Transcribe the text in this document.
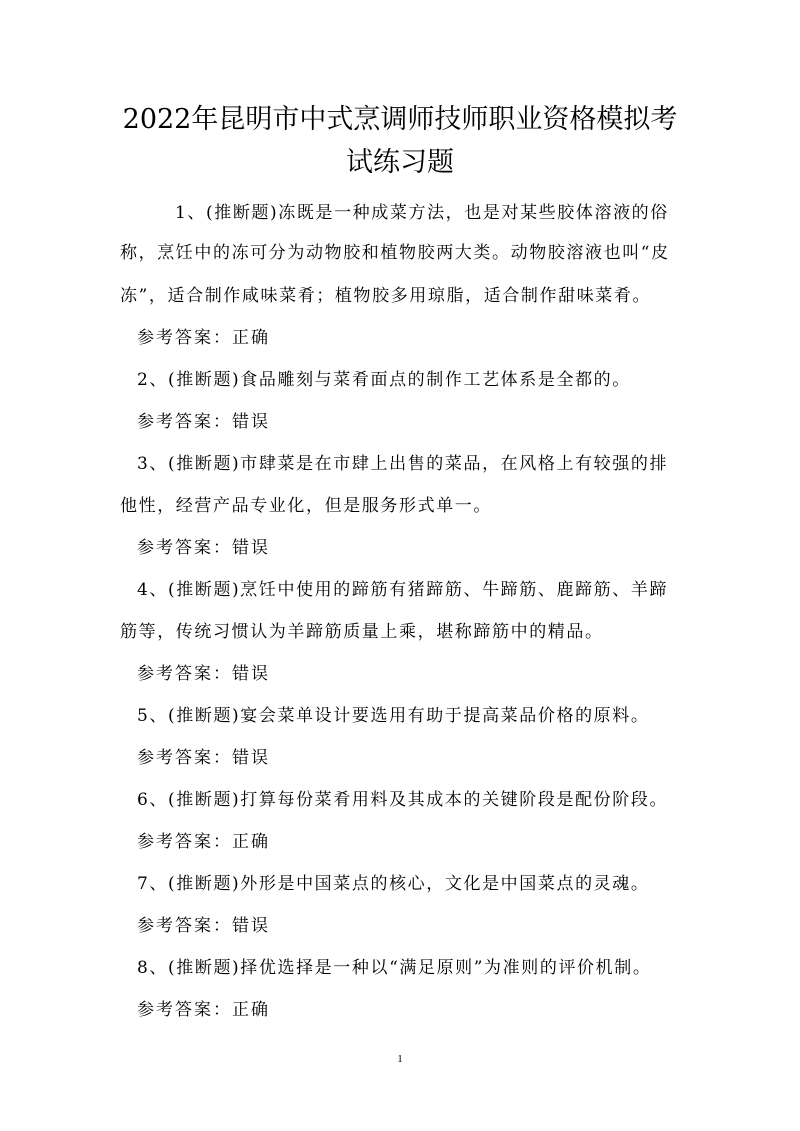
2022年昆明市中式烹调师技师职业资格模拟考
试练习题
1、(推断题)冻既是一种成菜方法，也是对某些胶体溶液的俗
称，烹饪中的冻可分为动物胶和植物胶两大类。动物胶溶液也叫“皮
冻”，适合制作咸味菜肴；植物胶多用琼脂，适合制作甜味菜肴。
参考答案：正确
2、(推断题)食品雕刻与菜肴面点的制作工艺体系是全都的。
参考答案：错误
3、(推断题)市肆菜是在市肆上出售的菜品，在风格上有较强的排
他性，经营产品专业化，但是服务形式单一。
参考答案：错误
4、(推断题)烹饪中使用的蹄筋有猪蹄筋、牛蹄筋、鹿蹄筋、羊蹄
筋等，传统习惯认为羊蹄筋质量上乘，堪称蹄筋中的精品。
参考答案：错误
5、(推断题)宴会菜单设计要选用有助于提高菜品价格的原料。
参考答案：错误
6、(推断题)打算每份菜肴用料及其成本的关键阶段是配份阶段。
参考答案：正确
7、(推断题)外形是中国菜点的核心，文化是中国菜点的灵魂。
参考答案：错误
8、(推断题)择优选择是一种以“满足原则”为准则的评价机制。
参考答案：正确
1
